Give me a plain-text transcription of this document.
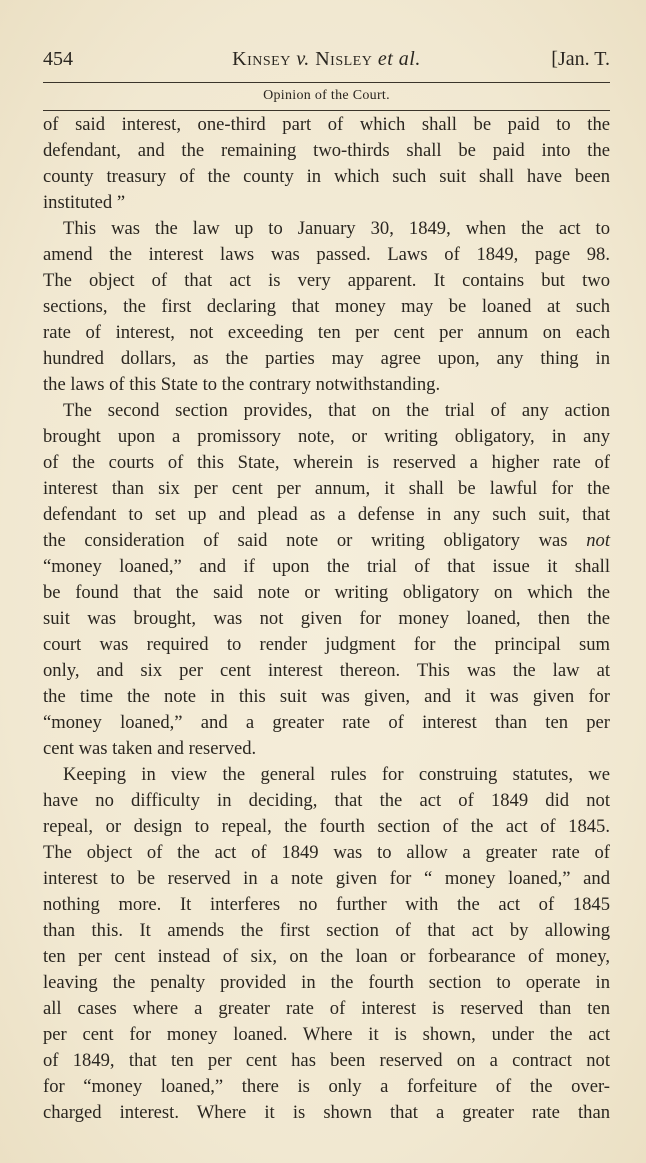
454	Kinsey v. Nisley et al.	[Jan. T.
Opinion of the Court.
of said interest, one-third part of which shall be paid to the
defendant, and the remaining two-thirds shall be paid into the
county treasury of the county in which such suit shall have been
instituted ”
This was the law up to January 30, 1849, when the act to
amend the interest laws was passed. Laws of 1849, page 98.
The object of that act is very apparent. It contains but two
sections, the first declaring that money may be loaned at such
rate of interest, not exceeding ten per cent per annum on each
hundred dollars, as the parties may agree upon, any thing in
the laws of this State to the contrary notwithstanding.
The second section provides, that on the trial of any action
brought upon a promissory note, or writing obligatory, in any
of the courts of this State, wherein is reserved a higher rate of
interest than six per cent per annum, it shall be lawful for the
defendant to set up and plead as a defense in any such suit, that
the consideration of said note or writing obligatory was not
“money loaned,” and if upon the trial of that issue it shall
be found that the said note or writing obligatory on which the
suit was brought, was not given for money loaned, then the
court was required to render judgment for the principal sum
only, and six per cent interest thereon. This was the law at
the time the note in this suit was given, and it was given for
“money loaned,” and a greater rate of interest than ten per
cent was taken and reserved.
Keeping in view the general rules for construing statutes, we
have no difficulty in deciding, that the act of 1849 did not
repeal, or design to repeal, the fourth section of the act of 1845.
The object of the act of 1849 was to allow a greater rate of
interest to be reserved in a note given for “ money loaned,” and
nothing more. It interferes no further with the act of 1845
than this. It amends the first section of that act by allowing
ten per cent instead of six, on the loan or forbearance of money,
leaving the penalty provided in the fourth section to operate in
all cases where a greater rate of interest is reserved than ten
per cent for money loaned. Where it is shown, under the act
of 1849, that ten per cent has been reserved on a contract not
for “money loaned,” there is only a forfeiture of the over-
charged interest. Where it is shown that a greater rate than
